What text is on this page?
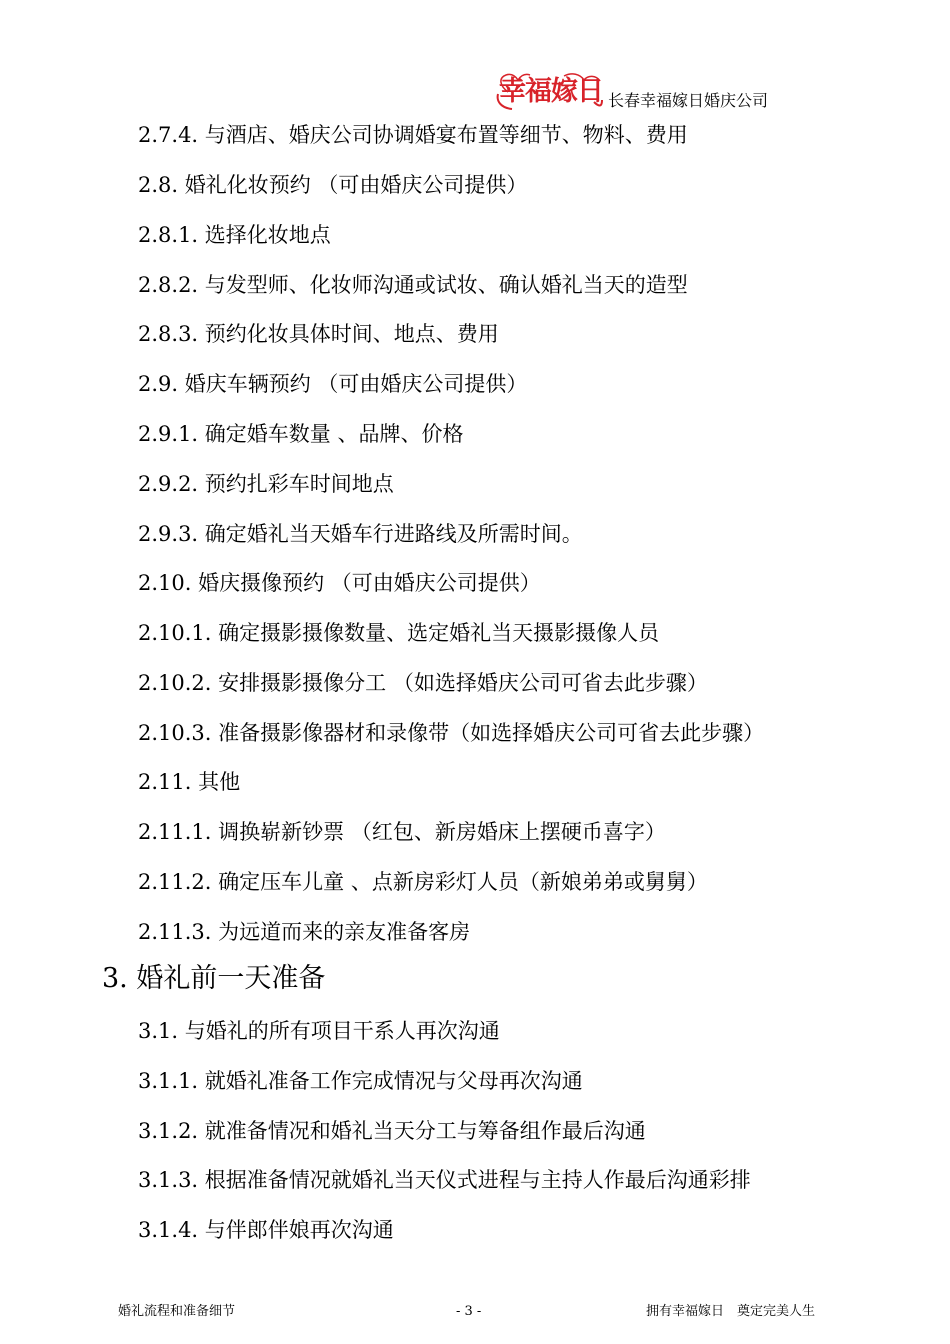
幸福嫁日 长春幸福嫁日婚庆公司
2.7.4. 与酒店、婚庆公司协调婚宴布置等细节、物料、费用
2.8. 婚礼化妆预约 （可由婚庆公司提供）
2.8.1. 选择化妆地点
2.8.2. 与发型师、化妆师沟通或试妆、确认婚礼当天的造型
2.8.3. 预约化妆具体时间、地点、费用
2.9. 婚庆车辆预约 （可由婚庆公司提供）
2.9.1. 确定婚车数量 、品牌、价格
2.9.2. 预约扎彩车时间地点
2.9.3. 确定婚礼当天婚车行进路线及所需时间。
2.10. 婚庆摄像预约 （可由婚庆公司提供）
2.10.1. 确定摄影摄像数量、选定婚礼当天摄影摄像人员
2.10.2. 安排摄影摄像分工 （如选择婚庆公司可省去此步骤）
2.10.3. 准备摄影像器材和录像带（如选择婚庆公司可省去此步骤）
2.11. 其他
2.11.1. 调换崭新钞票 （红包、新房婚床上摆硬币喜字）
2.11.2. 确定压车儿童 、点新房彩灯人员（新娘弟弟或舅舅）
2.11.3. 为远道而来的亲友准备客房
3. 婚礼前一天准备
3.1. 与婚礼的所有项目干系人再次沟通
3.1.1. 就婚礼准备工作完成情况与父母再次沟通
3.1.2. 就准备情况和婚礼当天分工与筹备组作最后沟通
3.1.3. 根据准备情况就婚礼当天仪式进程与主持人作最后沟通彩排
3.1.4. 与伴郎伴娘再次沟通
婚礼流程和准备细节	- 3 -	拥有幸福嫁日　奠定完美人生
